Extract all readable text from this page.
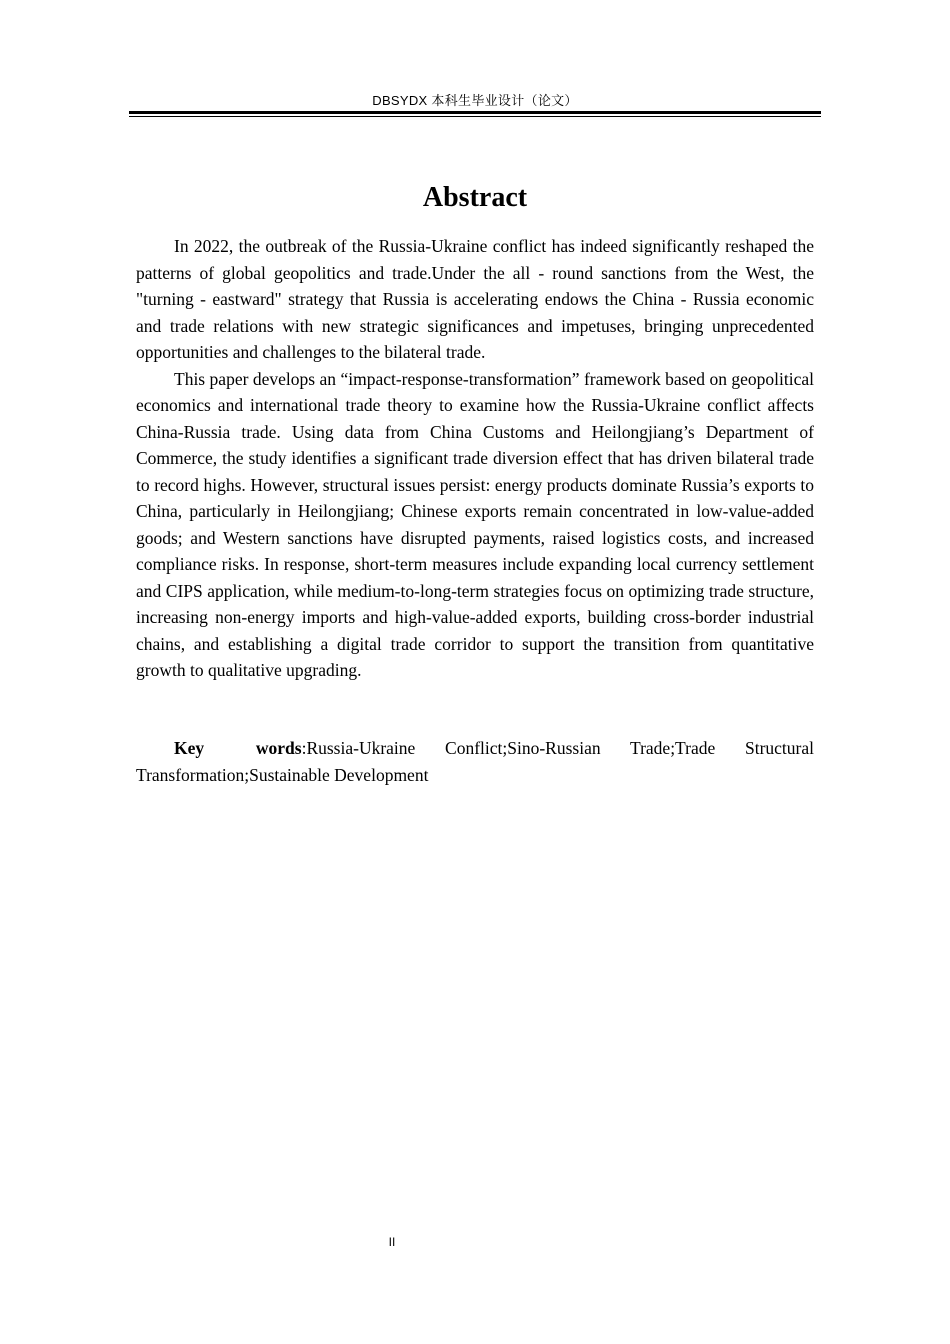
DBSYDX 本科生毕业设计（论文）
Abstract

In 2022, the outbreak of the Russia-Ukraine conflict has indeed significantly reshaped the patterns of global geopolitics and trade.Under the all - round sanctions from the West, the "turning - eastward" strategy that Russia is accelerating endows the China - Russia economic and trade relations with new strategic significances and impetuses, bringing unprecedented opportunities and challenges to the bilateral trade.

This paper develops an “impact-response-transformation” framework based on geopolitical economics and international trade theory to examine how the Russia-Ukraine conflict affects China-Russia trade. Using data from China Customs and Heilongjiang’s Department of Commerce, the study identifies a significant trade diversion effect that has driven bilateral trade to record highs. However, structural issues persist: energy products dominate Russia’s exports to China, particularly in Heilongjiang; Chinese exports remain concentrated in low-value-added goods; and Western sanctions have disrupted payments, raised logistics costs, and increased compliance risks. In response, short-term measures include expanding local currency settlement and CIPS application, while medium-to-long-term strategies focus on optimizing trade structure, increasing non-energy imports and high-value-added exports, building cross-border industrial chains, and establishing a digital trade corridor to support the transition from quantitative growth to qualitative upgrading.

Key words:Russia-Ukraine Conflict;Sino-Russian Trade;Trade Structural
Transformation;Sustainable Development
II
